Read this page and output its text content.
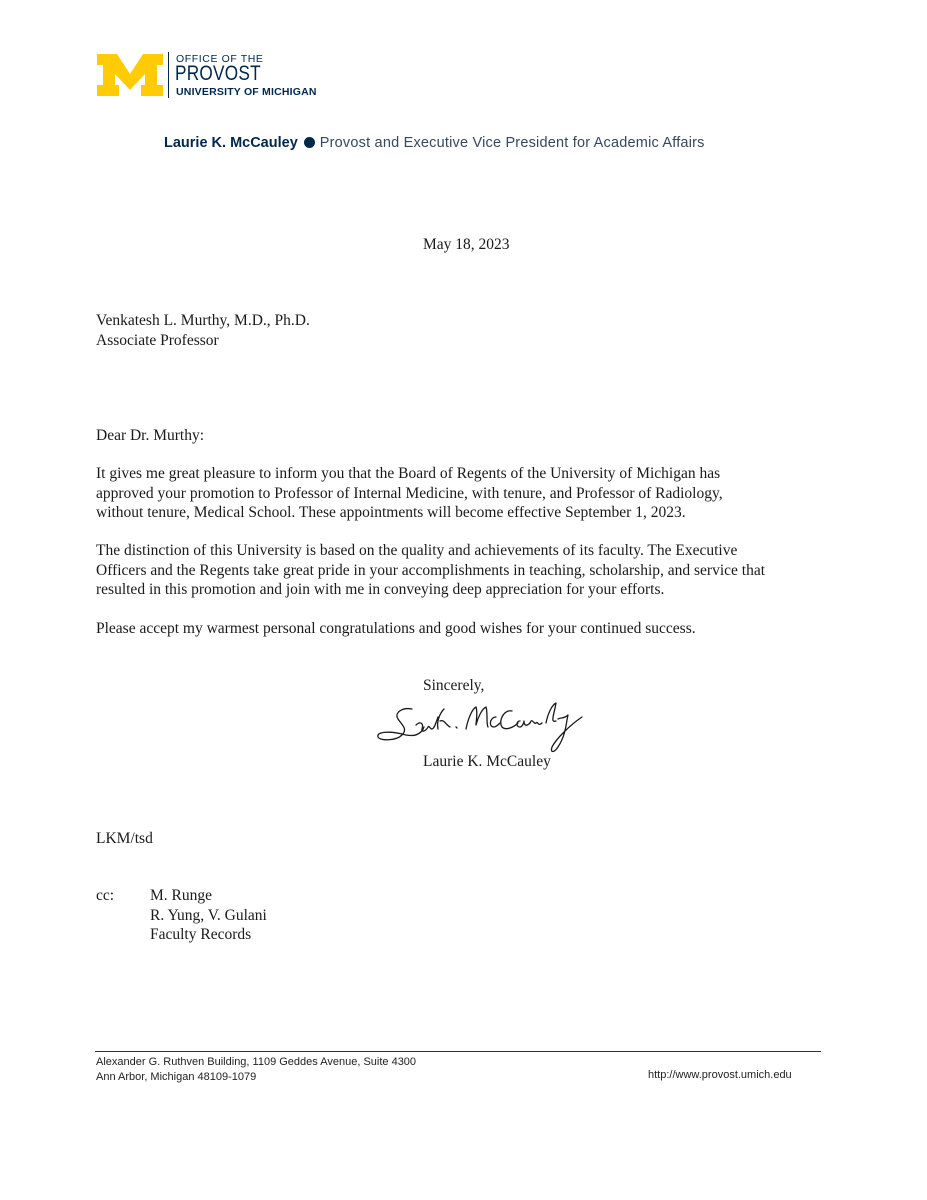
OFFICE OF THE
PROVOST
UNIVERSITY OF MICHIGAN
Laurie K. McCauley Provost and Executive Vice President for Academic Affairs
May 18, 2023
Venkatesh L. Murthy, M.D., Ph.D.
Associate Professor
Dear Dr. Murthy:
It gives me great pleasure to inform you that the Board of Regents of the University of Michigan has
approved your promotion to Professor of Internal Medicine, with tenure, and Professor of Radiology,
without tenure, Medical School. These appointments will become effective September 1, 2023.
The distinction of this University is based on the quality and achievements of its faculty. The Executive
Officers and the Regents take great pride in your accomplishments in teaching, scholarship, and service that
resulted in this promotion and join with me in conveying deep appreciation for your efforts.
Please accept my warmest personal congratulations and good wishes for your continued success.
Sincerely,
Laurie K. McCauley
LKM/tsd
cc: M. Runge
R. Yung, V. Gulani
Faculty Records
Alexander G. Ruthven Building, 1109 Geddes Avenue, Suite 4300
Ann Arbor, Michigan 48109-1079	http://www.provost.umich.edu
